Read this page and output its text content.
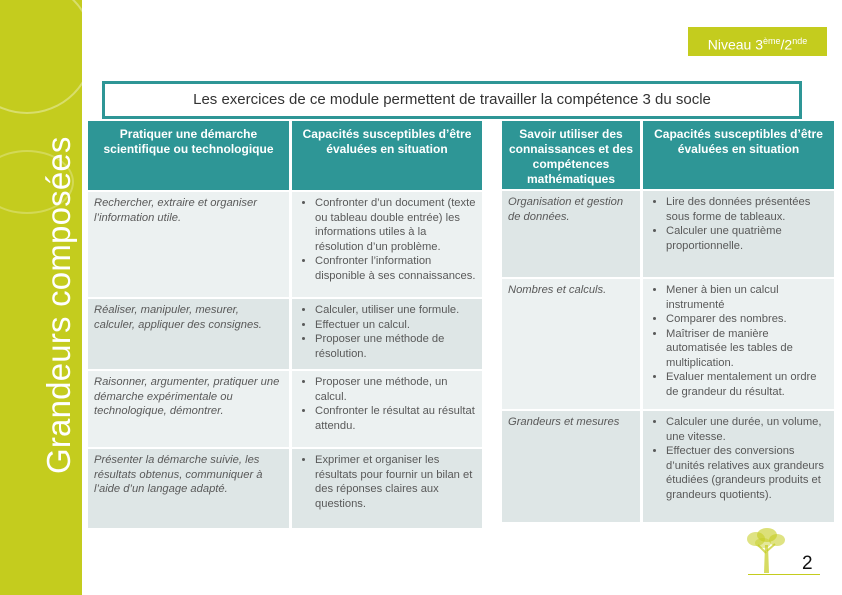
Grandeurs composées
Niveau 3ème/2nde
Les exercices de ce module permettent de travailler la compétence 3 du socle
Pratiquer une démarche scientifique ou technologique
Capacités susceptibles d’être évaluées en situation
Rechercher, extraire et organiser l’information utile.
• Confronter d’un document (texte ou tableau double entrée) les informations utiles à la résolution d’un problème.
• Confronter l’information disponible à ses connaissances.
Réaliser, manipuler, mesurer, calculer, appliquer des consignes.
• Calculer, utiliser une formule.
• Effectuer un calcul.
• Proposer une méthode de résolution.
Raisonner, argumenter, pratiquer une démarche expérimentale ou technologique, démontrer.
• Proposer une méthode, un calcul.
• Confronter le résultat au résultat attendu.
Présenter la démarche suivie, les résultats obtenus, communiquer à l’aide d’un langage adapté.
• Exprimer et organiser les résultats pour fournir un bilan et des réponses claires aux questions.
Savoir utiliser des connaissances et des compétences mathématiques
Capacités susceptibles d’être évaluées en situation
Organisation et gestion de données.
• Lire des données présentées sous forme de tableaux.
• Calculer une quatrième proportionnelle.
Nombres et calculs.	• Mener à bien un calcul instrumenté
• Comparer des nombres.
• Maîtriser de manière automatisée les tables de multiplication.
• Evaluer mentalement un ordre de grandeur du résultat.
Grandeurs et mesures	• Calculer une durée, un volume, une vitesse.
• Effectuer des conversions d’unités relatives aux grandeurs étudiées (grandeurs produits et grandeurs quotients).
2
